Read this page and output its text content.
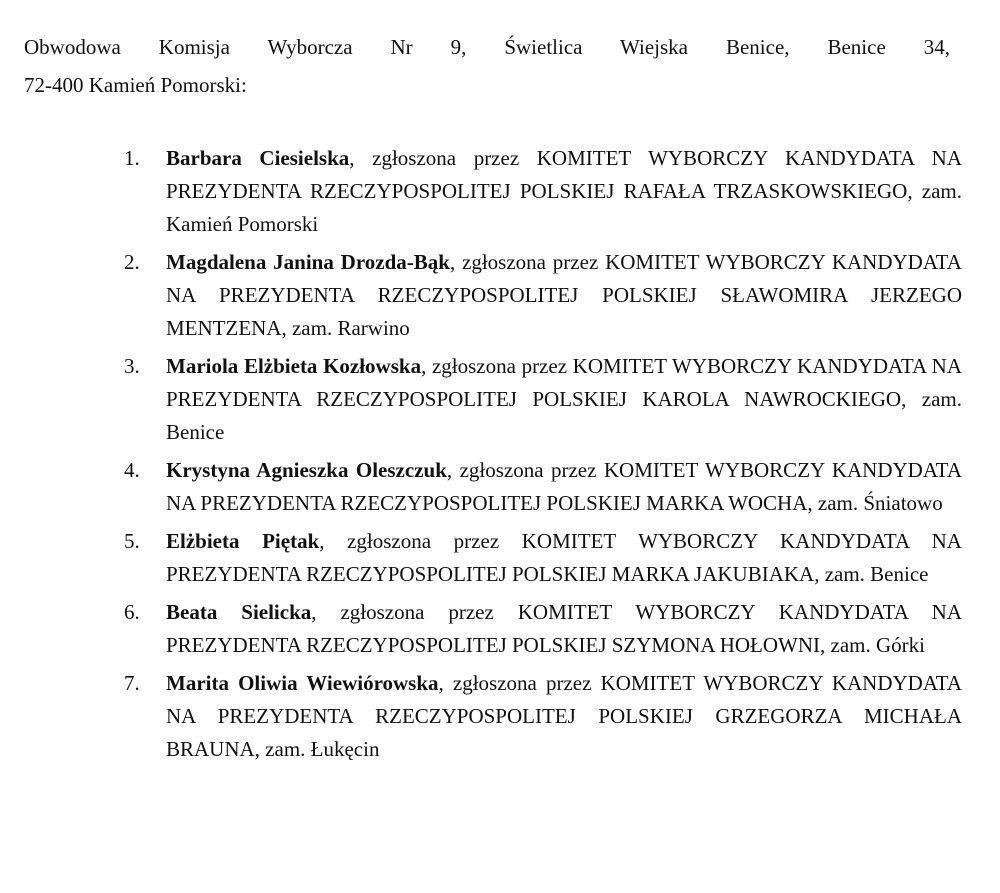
Obwodowa Komisja Wyborcza Nr 9, Świetlica Wiejska Benice, Benice 34,
72-400 Kamień Pomorski:

1.	Barbara Ciesielska, zgłoszona przez KOMITET WYBORCZY KANDYDATA NA PREZYDENTA RZECZYPOSPOLITEJ POLSKIEJ RAFAŁA TRZASKOWSKIEGO, zam. Kamień Pomorski
2.	Magdalena Janina Drozda-Bąk, zgłoszona przez KOMITET WYBORCZY KANDYDATA NA PREZYDENTA RZECZYPOSPOLITEJ POLSKIEJ SŁAWOMIRA JERZEGO MENTZENA, zam. Rarwino
3.	Mariola Elżbieta Kozłowska, zgłoszona przez KOMITET WYBORCZY KANDYDATA NA PREZYDENTA RZECZYPOSPOLITEJ POLSKIEJ KAROLA NAWROCKIEGO, zam. Benice
4.	Krystyna Agnieszka Oleszczuk, zgłoszona przez KOMITET WYBORCZY KANDYDATA NA PREZYDENTA RZECZYPOSPOLITEJ POLSKIEJ MARKA WOCHA, zam. Śniatowo
5.	Elżbieta Piętak, zgłoszona przez KOMITET WYBORCZY KANDYDATA NA PREZYDENTA RZECZYPOSPOLITEJ POLSKIEJ MARKA JAKUBIAKA, zam. Benice
6.	Beata Sielicka, zgłoszona przez KOMITET WYBORCZY KANDYDATA NA PREZYDENTA RZECZYPOSPOLITEJ POLSKIEJ SZYMONA HOŁOWNI, zam. Górki
7.	Marita Oliwia Wiewiórowska, zgłoszona przez KOMITET WYBORCZY KANDYDATA NA PREZYDENTA RZECZYPOSPOLITEJ POLSKIEJ GRZEGORZA MICHAŁA BRAUNA, zam. Łukęcin
